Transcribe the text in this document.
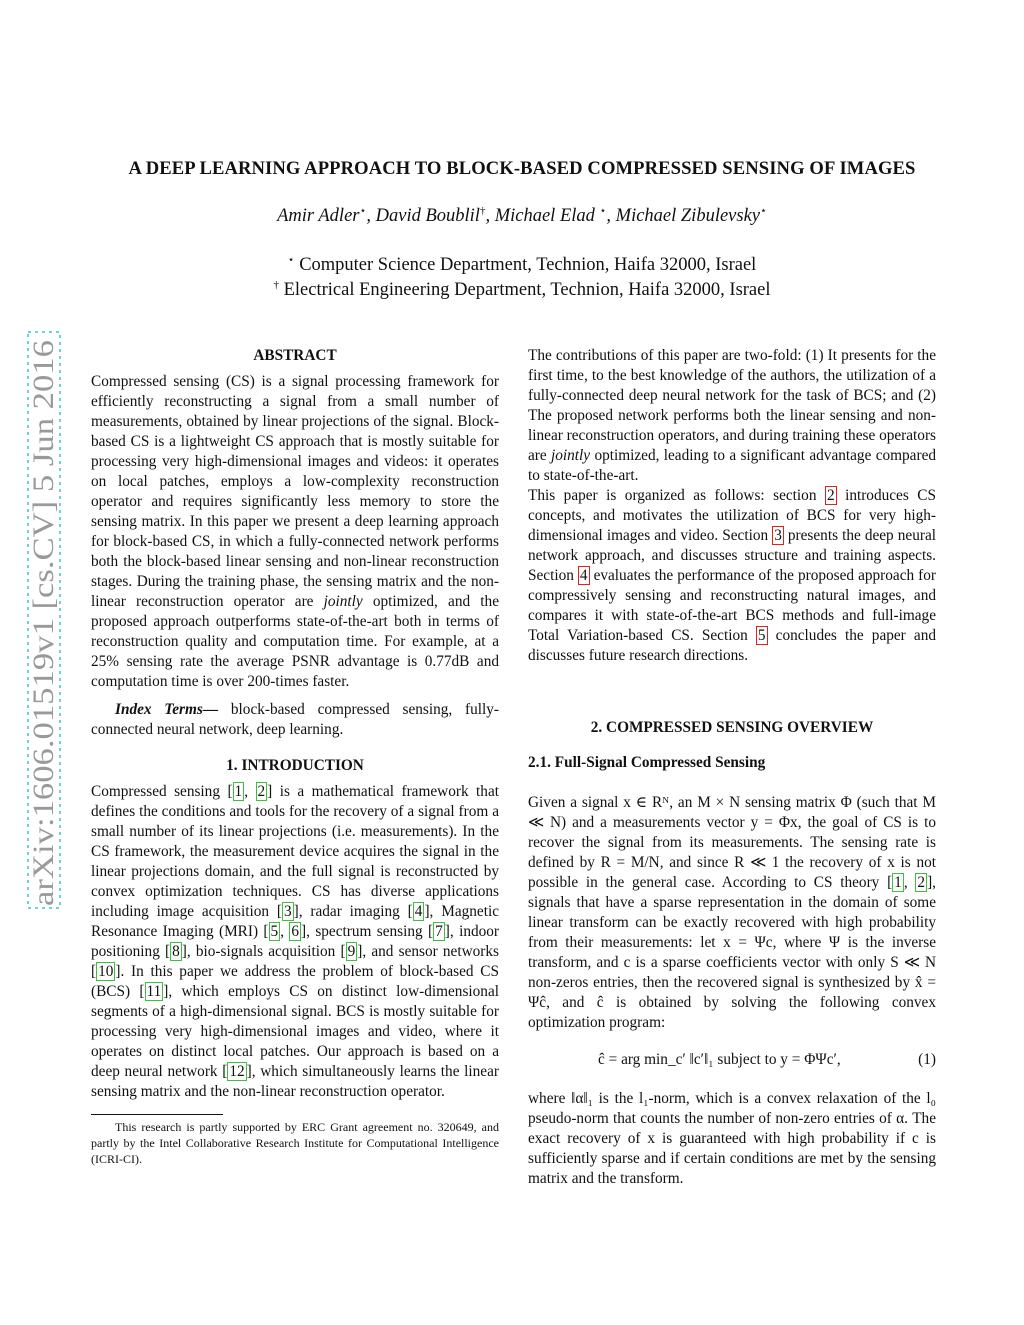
arXiv:1606.01519v1 [cs.CV] 5 Jun 2016
A DEEP LEARNING APPROACH TO BLOCK-BASED COMPRESSED SENSING OF IMAGES
Amir Adler⋆, David Boublil†, Michael Elad ⋆, Michael Zibulevsky⋆
⋆ Computer Science Department, Technion, Haifa 32000, Israel
† Electrical Engineering Department, Technion, Haifa 32000, Israel
ABSTRACT

Compressed sensing (CS) is a signal processing framework for efficiently reconstructing a signal from a small number of measurements, obtained by linear projections of the signal. Block-based CS is a lightweight CS approach that is mostly suitable for processing very high-dimensional images and videos: it operates on local patches, employs a low-complexity reconstruction operator and requires significantly less memory to store the sensing matrix. In this paper we present a deep learning approach for block-based CS, in which a fully-connected network performs both the block-based linear sensing and non-linear reconstruction stages. During the training phase, the sensing matrix and the non-linear reconstruction operator are jointly optimized, and the proposed approach outperforms state-of-the-art both in terms of reconstruction quality and computation time. For example, at a 25% sensing rate the average PSNR advantage is 0.77dB and computation time is over 200-times faster.

Index Terms— block-based compressed sensing, fully-connected neural network, deep learning.

1. INTRODUCTION

Compressed sensing [ 1 , 2 ] is a mathematical framework that defines the conditions and tools for the recovery of a signal from a small number of its linear projections (i.e. measurements). In the CS framework, the measurement device acquires the signal in the linear projections domain, and the full signal is reconstructed by convex optimization techniques. CS has diverse applications including image acquisition [ 3 ], radar imaging [ 4 ], Magnetic Resonance Imaging (MRI) [ 5 , 6 ], spectrum sensing [ 7 ], indoor positioning [ 8 ], bio-signals acquisition [ 9 ], and sensor networks [ 10 ]. In this paper we address the problem of block-based CS (BCS) [ 11 ], which employs CS on distinct low-dimensional segments of a high-dimensional signal. BCS is mostly suitable for processing very high-dimensional images and video, where it operates on distinct local patches. Our approach is based on a deep neural network [ 12 ], which simultaneously learns the linear sensing matrix and the non-linear reconstruction operator.

This research is partly supported by ERC Grant agreement no. 320649, and partly by the Intel Collaborative Research Institute for Computational Intelligence (ICRI-CI).

The contributions of this paper are two-fold: (1) It presents for the first time, to the best knowledge of the authors, the utilization of a fully-connected deep neural network for the task of BCS; and (2) The proposed network performs both the linear sensing and non-linear reconstruction operators, and during training these operators are jointly optimized, leading to a significant advantage compared to state-of-the-art.

This paper is organized as follows: section 2 introduces CS concepts, and motivates the utilization of BCS for very high-dimensional images and video. Section 3 presents the deep neural network approach, and discusses structure and training aspects. Section 4 evaluates the performance of the proposed approach for compressively sensing and reconstructing natural images, and compares it with state-of-the-art BCS methods and full-image Total Variation-based CS. Section 5 concludes the paper and discusses future research directions.

2. COMPRESSED SENSING OVERVIEW
2.1. Full-Signal Compressed Sensing

Given a signal x ∈ Rᴺ, an M × N sensing matrix Φ (such that M ≪ N) and a measurements vector y = Φx, the goal of CS is to recover the signal from its measurements. The sensing rate is defined by R = M/N, and since R ≪ 1 the recovery of x is not possible in the general case. According to CS theory [ 1 , 2 ], signals that have a sparse representation in the domain of some linear transform can be exactly recovered with high probability from their measurements: let x = Ψc, where Ψ is the inverse transform, and c is a sparse coefficients vector with only S ≪ N non-zeros entries, then the recovered signal is synthesized by x̂ = Ψĉ, and ĉ is obtained by solving the following convex optimization program:

ĉ = arg min_c′ ‖c′‖₁ subject to y = ΦΨc′,	(1)

where ‖α‖₁ is the l₁-norm, which is a convex relaxation of the l₀ pseudo-norm that counts the number of non-zero entries of α. The exact recovery of x is guaranteed with high probability if c is sufficiently sparse and if certain conditions are met by the sensing matrix and the transform.
